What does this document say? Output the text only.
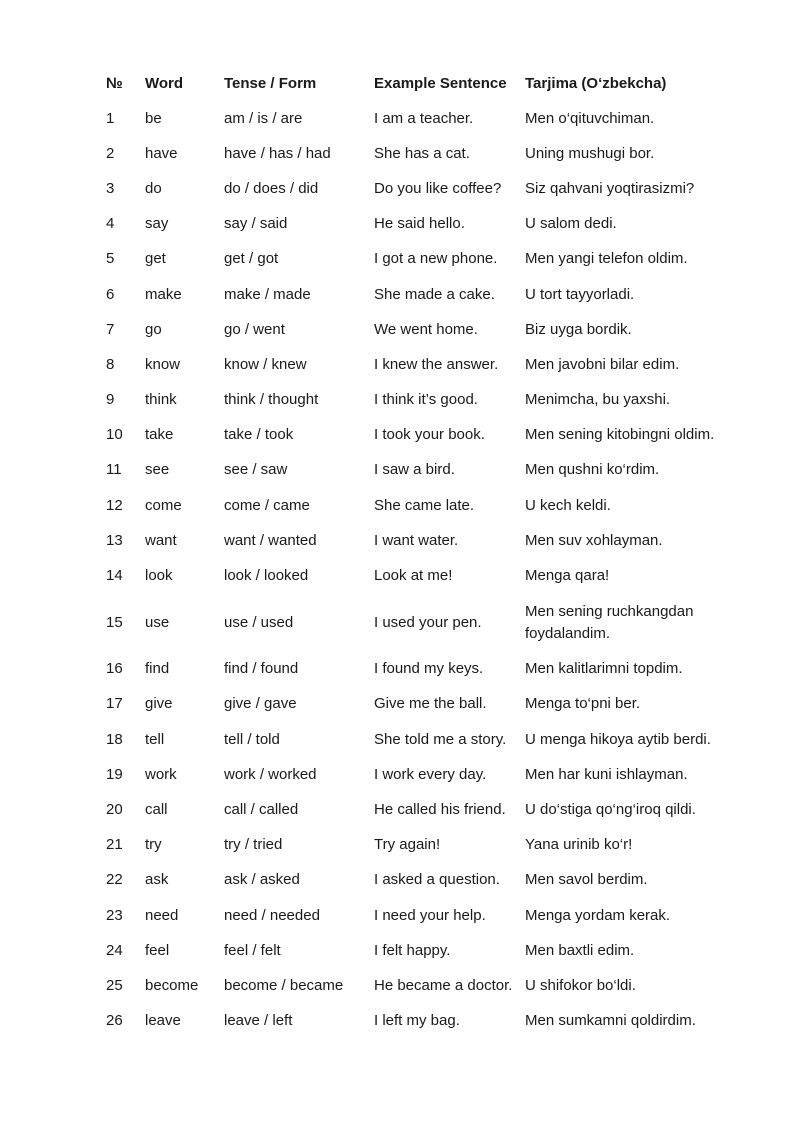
№	Word	Tense / Form	Example Sentence	Tarjima (O‘zbekcha)
1	be	am / is / are	I am a teacher.	Men o‘qituvchiman.
2	have	have / has / had	She has a cat.	Uning mushugi bor.
3	do	do / does / did	Do you like coffee?	Siz qahvani yoqtirasizmi?
4	say	say / said	He said hello.	U salom dedi.
5	get	get / got	I got a new phone.	Men yangi telefon oldim.
6	make	make / made	She made a cake.	U tort tayyorladi.
7	go	go / went	We went home.	Biz uyga bordik.
8	know	know / knew	I knew the answer.	Men javobni bilar edim.
9	think	think / thought	I think it’s good.	Menimcha, bu yaxshi.
10	take	take / took	I took your book.	Men sening kitobingni oldim.
11	see	see / saw	I saw a bird.	Men qushni ko‘rdim.
12	come	come / came	She came late.	U kech keldi.
13	want	want / wanted	I want water.	Men suv xohlayman.
14	look	look / looked	Look at me!	Menga qara!
15	use	use / used	I used your pen.	Men sening ruchkangdan foydalandim.
16	find	find / found	I found my keys.	Men kalitlarimni topdim.
17	give	give / gave	Give me the ball.	Menga to‘pni ber.
18	tell	tell / told	She told me a story.	U menga hikoya aytib berdi.
19	work	work / worked	I work every day.	Men har kuni ishlayman.
20	call	call / called	He called his friend.	U do‘stiga qo‘ng‘iroq qildi.
21	try	try / tried	Try again!	Yana urinib ko‘r!
22	ask	ask / asked	I asked a question.	Men savol berdim.
23	need	need / needed	I need your help.	Menga yordam kerak.
24	feel	feel / felt	I felt happy.	Men baxtli edim.
25	become	become / became	He became a doctor.	U shifokor bo‘ldi.
26	leave	leave / left	I left my bag.	Men sumkamni qoldirdim.
